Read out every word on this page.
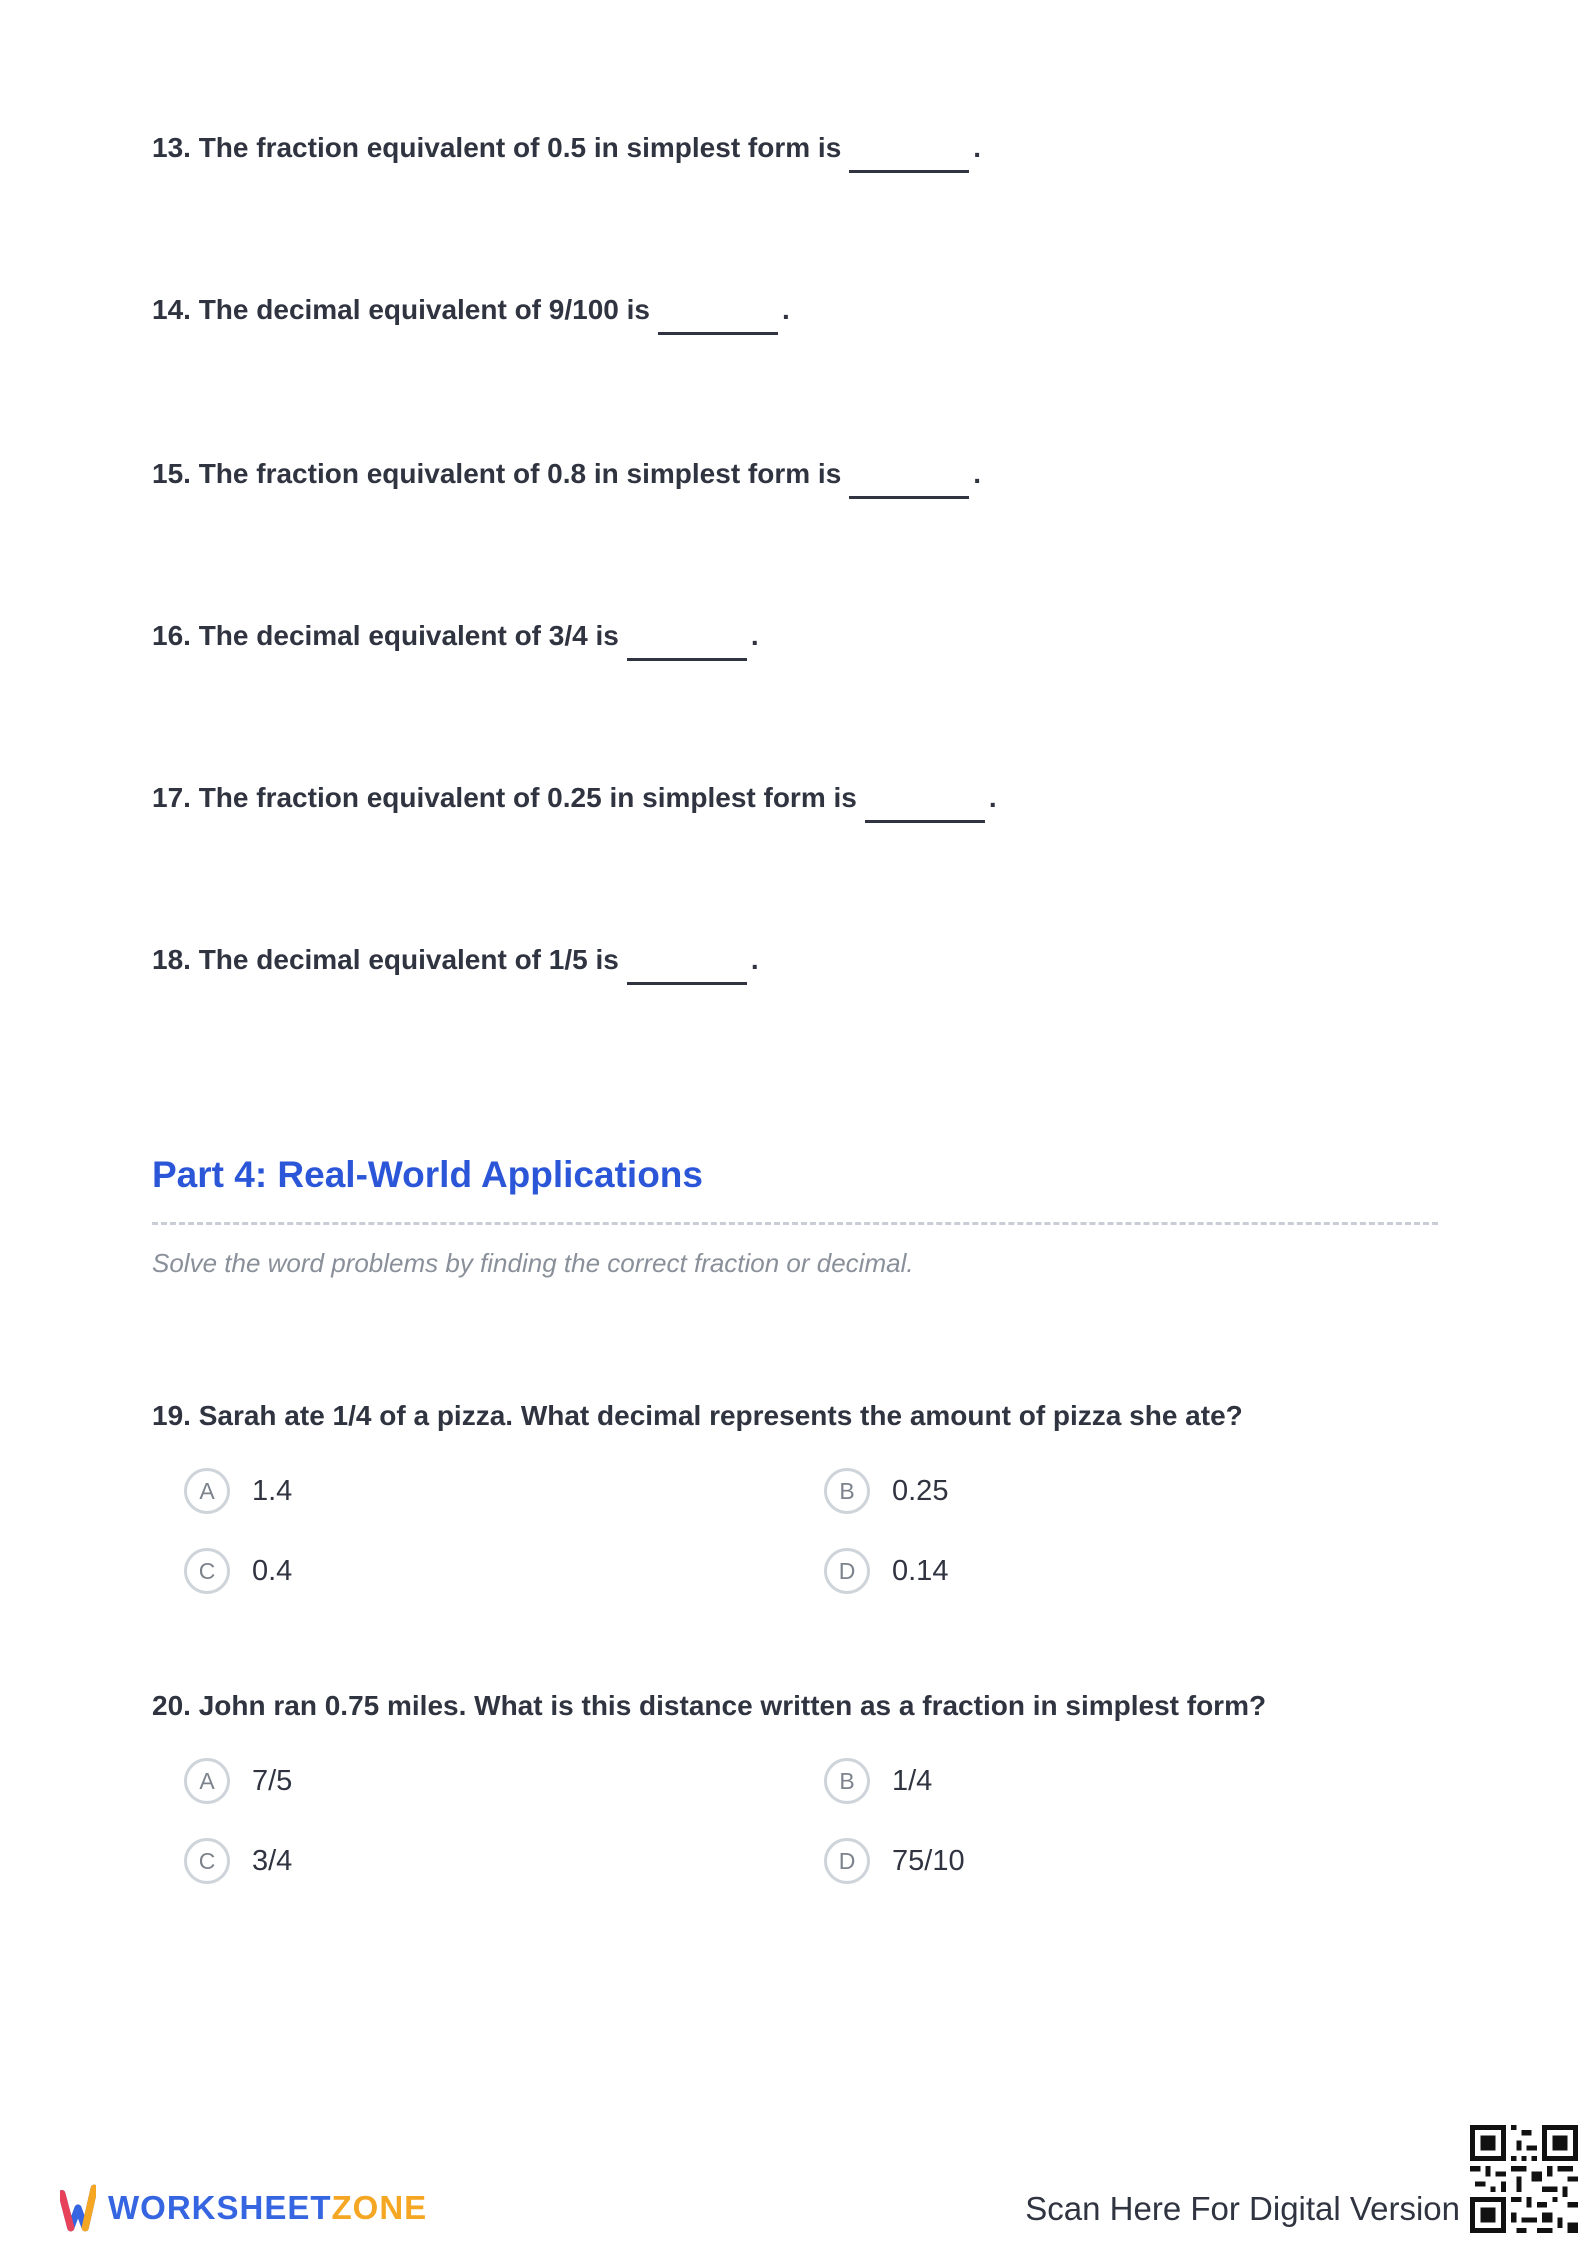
13. The fraction equivalent of 0.5 in simplest form is	.
14. The decimal equivalent of 9/100 is	.
15. The fraction equivalent of 0.8 in simplest form is	.
16. The decimal equivalent of 3/4 is	.
17. The fraction equivalent of 0.25 in simplest form is	.
18. The decimal equivalent of 1/5 is	.
Part 4: Real-World Applications
Solve the word problems by finding the correct fraction or decimal.
19. Sarah ate 1/4 of a pizza. What decimal represents the amount of pizza she ate?
A	1.4	B	0.25
C	0.4	D	0.14
20. John ran 0.75 miles. What is this distance written as a fraction in simplest form?
A	7/5	B	1/4
C	3/4	D	75/10
WORKSHEETZONE	Scan Here For Digital Version
